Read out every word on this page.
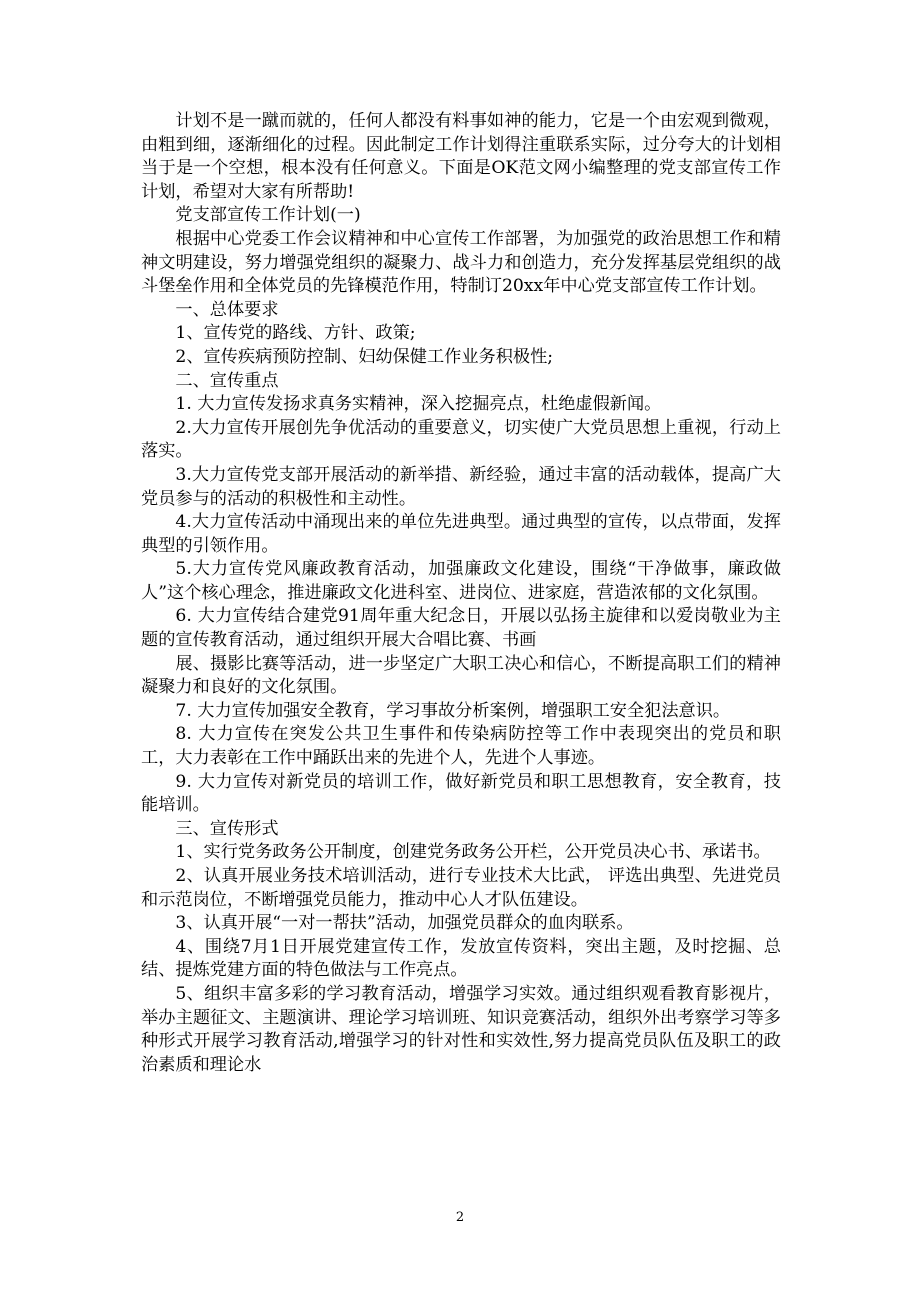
计划不是一蹴而就的，任何人都没有料事如神的能力，它是一个由宏观到微观，由粗到细，逐渐细化的过程。因此制定工作计划得注重联系实际，过分夸大的计划相当于是一个空想，根本没有任何意义。下面是OK范文网小编整理的党支部宣传工作计划，希望对大家有所帮助!

党支部宣传工作计划(一)

根据中心党委工作会议精神和中心宣传工作部署，为加强党的政治思想工作和精神文明建设，努力增强党组织的凝聚力、战斗力和创造力，充分发挥基层党组织的战斗堡垒作用和全体党员的先锋模范作用，特制订20xx年中心党支部宣传工作计划。

一、总体要求

1、宣传党的路线、方针、政策;

2、宣传疾病预防控制、妇幼保健工作业务积极性;

二、宣传重点

1. 大力宣传发扬求真务实精神，深入挖掘亮点，杜绝虚假新闻。

2.大力宣传开展创先争优活动的重要意义，切实使广大党员思想上重视，行动上落实。

3.大力宣传党支部开展活动的新举措、新经验，通过丰富的活动载体，提高广大党员参与的活动的积极性和主动性。

4.大力宣传活动中涌现出来的单位先进典型。通过典型的宣传，以点带面，发挥典型的引领作用。

5.大力宣传党风廉政教育活动，加强廉政文化建设，围绕“干净做事，廉政做人”这个核心理念，推进廉政文化进科室、进岗位、进家庭，营造浓郁的文化氛围。

6. 大力宣传结合建党91周年重大纪念日，开展以弘扬主旋律和以爱岗敬业为主题的宣传教育活动，通过组织开展大合唱比赛、书画

展、摄影比赛等活动，进一步坚定广大职工决心和信心，不断提高职工们的精神凝聚力和良好的文化氛围。

7. 大力宣传加强安全教育，学习事故分析案例，增强职工安全犯法意识。

8. 大力宣传在突发公共卫生事件和传染病防控等工作中表现突出的党员和职工，大力表彰在工作中踊跃出来的先进个人，先进个人事迹。

9. 大力宣传对新党员的培训工作，做好新党员和职工思想教育，安全教育，技能培训。

三、宣传形式

1、实行党务政务公开制度，创建党务政务公开栏，公开党员决心书、承诺书。

2、认真开展业务技术培训活动，进行专业技术大比武， 评选出典型、先进党员和示范岗位，不断增强党员能力，推动中心人才队伍建设。

3、认真开展“一对一帮扶”活动，加强党员群众的血肉联系。

4、围绕7月1日开展党建宣传工作，发放宣传资料，突出主题，及时挖掘、总结、提炼党建方面的特色做法与工作亮点。

5、组织丰富多彩的学习教育活动，增强学习实效。通过组织观看教育影视片，举办主题征文、主题演讲、理论学习培训班、知识竞赛活动，组织外出考察学习等多种形式开展学习教育活动,增强学习的针对性和实效性,努力提高党员队伍及职工的政治素质和理论水

2
